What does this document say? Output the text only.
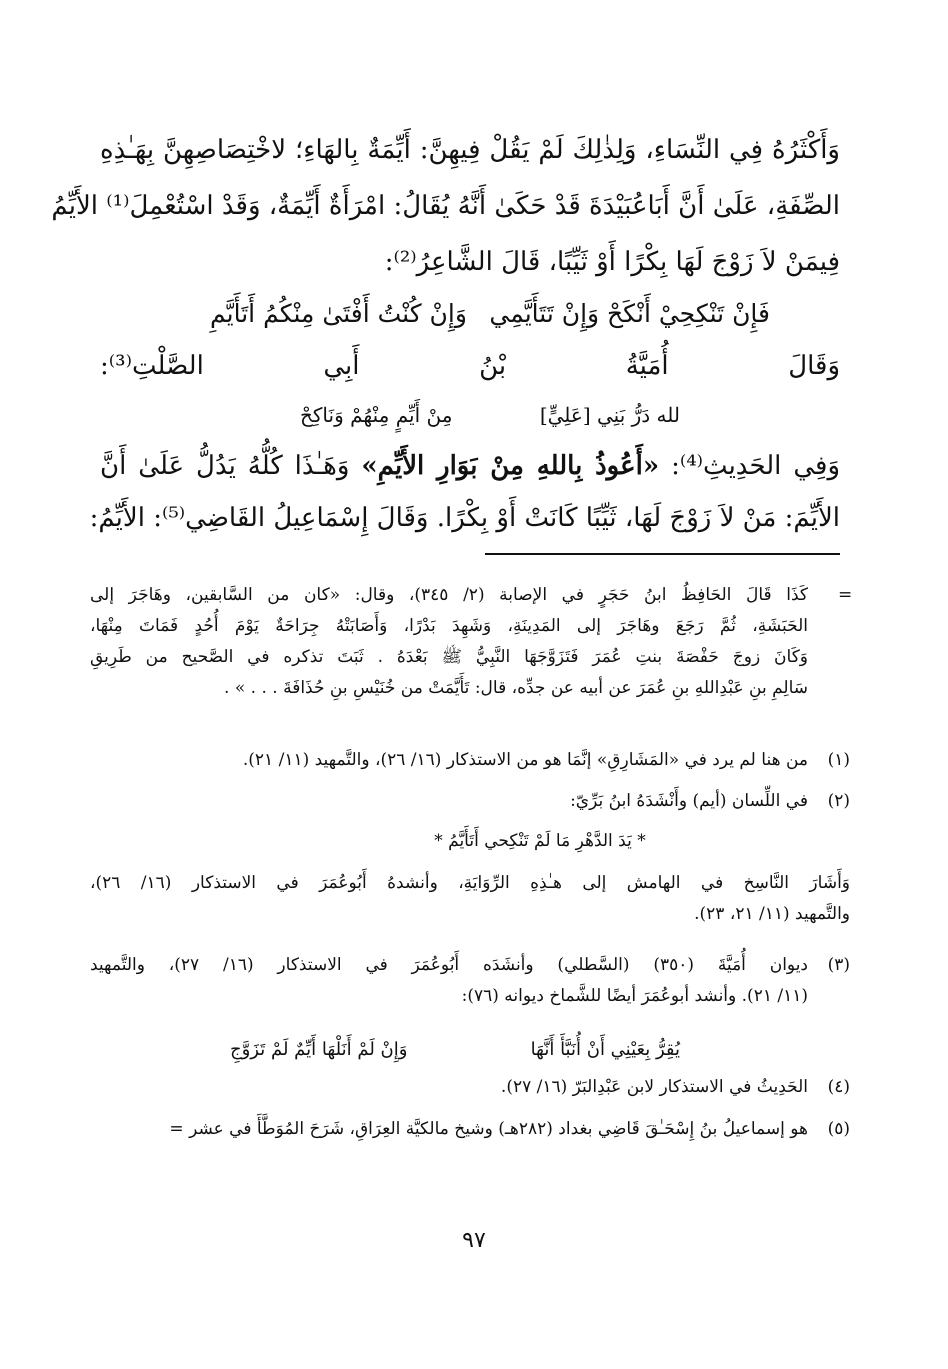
وَأَكْثَرُهُ فِي النِّسَاءِ، وَلِذٰلِكَ لَمْ يَقُلْ فِيهِنَّ: أَيِّمَةٌ بِالهَاءِ؛ لاخْتِصَاصِهِنَّ بِهَـٰذِهِ
الصِّفَةِ، عَلَىٰ أَنَّ أَبَاعُبَيْدَةَ قَدْ حَكَىٰ أَنَّهُ يُقَالُ: امْرَأَةٌ أَيِّمَةٌ، وَقَدْ اسْتُعْمِلَ⁽¹⁾ الأَيِّمُ
فِيمَنْ لاَ زَوْجَ لَهَا بِكْرًا أَوْ ثَيِّبًا، قَالَ الشَّاعِرُ⁽²⁾:
فَإِنْ تَنْكِحِيْ أَنْكَحْ وَإِنْ تَتَأَيَّمِي
وَإِنْ كُنْتُ أَفْتَىٰ مِنْكُمُ أَتَأَيَّمِ
وَقَالَ أُمَيَّةُ بْنُ أَبِي الصَّلْتِ⁽³⁾:
لله دَرُّ بَنِي [عَلِيٍّ]
مِنْ أَيِّمٍ مِنْهُمْ وَنَاكِحْ
وَفِي الحَدِيثِ⁽⁴⁾: «أَعُوذُ بِاللهِ مِنْ بَوَارِ الأَيِّمِ» وَهَـٰذَا كُلُّهُ يَدُلُّ عَلَىٰ أَنَّ
الأَيِّمَ: مَنْ لاَ زَوْجَ لَهَا، ثَيِّبًا كَانَتْ أَوْ بِكْرًا. وَقَالَ إِسْمَاعِيلُ القَاضِي⁽⁵⁾: الأَيِّمُ:
=
كَذَا قَالَ الحَافِظُ ابنُ حَجَرٍ في الإصابة (٢/ ٣٤٥)، وقال: «كان من السَّابقين، وهَاجَرَ إلى
الحَبَشَةِ، ثُمَّ رَجَعَ وهَاجَرَ إلى المَدِينَةِ، وَشَهِدَ بَدْرًا، وَأَصَابَتْهُ جِرَاحَةٌ يَوْمَ أُحُدٍ فَمَاتَ مِنْهَا،
وَكَانَ زوجَ حَفْصَةَ بنتِ عُمَرَ فَتَزَوَّجَهَا النَّبِيُّ ﷺ بَعْدَهُ . ثَبَتَ تذكره في الصَّحيح من طَرِيقِ
سَالِمِ بنِ عَبْدِاللهِ بنِ عُمَرَ عن أبيه عن جدِّه، قال: تَأَيَّمَتْ من خُنَيْسِ بنِ حُذَافَةَ . . . » .
(١)من هنا لم يرد في «المَشَارِقِ» إنَّمَا هو من الاستذكار (١٦/ ٢٦)، والتَّمهيد (١١/ ٢١).
(٢)في اللِّسان (أيم) وأَنْشَدَهُ ابنُ بَرِّيّ:
* يَدَ الدَّهْرِ مَا لَمْ تَنْكِحي أَتَأَيَّمُ *
وَأَشَارَ النَّاسِخ في الهامش إلى هـٰذِهِ الرِّوَايَةِ، وأنشدهُ أَبُوعُمَرَ في الاستذكار (١٦/ ٢٦)،
والتَّمهيد (١١/ ٢١، ٢٣).
(٣)ديوان أُمَيَّةَ (٣٥٠) (السَّطلي) وأنشَدَه أَبُوعُمَرَ في الاستذكار (١٦/ ٢٧)، والتَّمهيد
(١١/ ٢١). وأنشد أبوعُمَرَ أيضًا للشَّماخ ديوانه (٧٦):
يُقِرُّ بِعَيْنِي أَنْ أُنَبَّأَ أَنَّهَا
وَإِنْ لَمْ أَنَلْهَا أَيِّمٌ لَمْ تَزَوَّجِ
(٤)الحَدِيثُ في الاستذكار لابن عَبْدِالبَرّ (١٦/ ٢٧).
(٥)هو إسماعيلُ بنُ إِسْحَـٰقَ قَاضِي بغداد (٢٨٢هـ) وشيخ مالكيَّة العِرَاقِ، شَرَحَ المُوَطَّأَ في عشر =
٩٧
